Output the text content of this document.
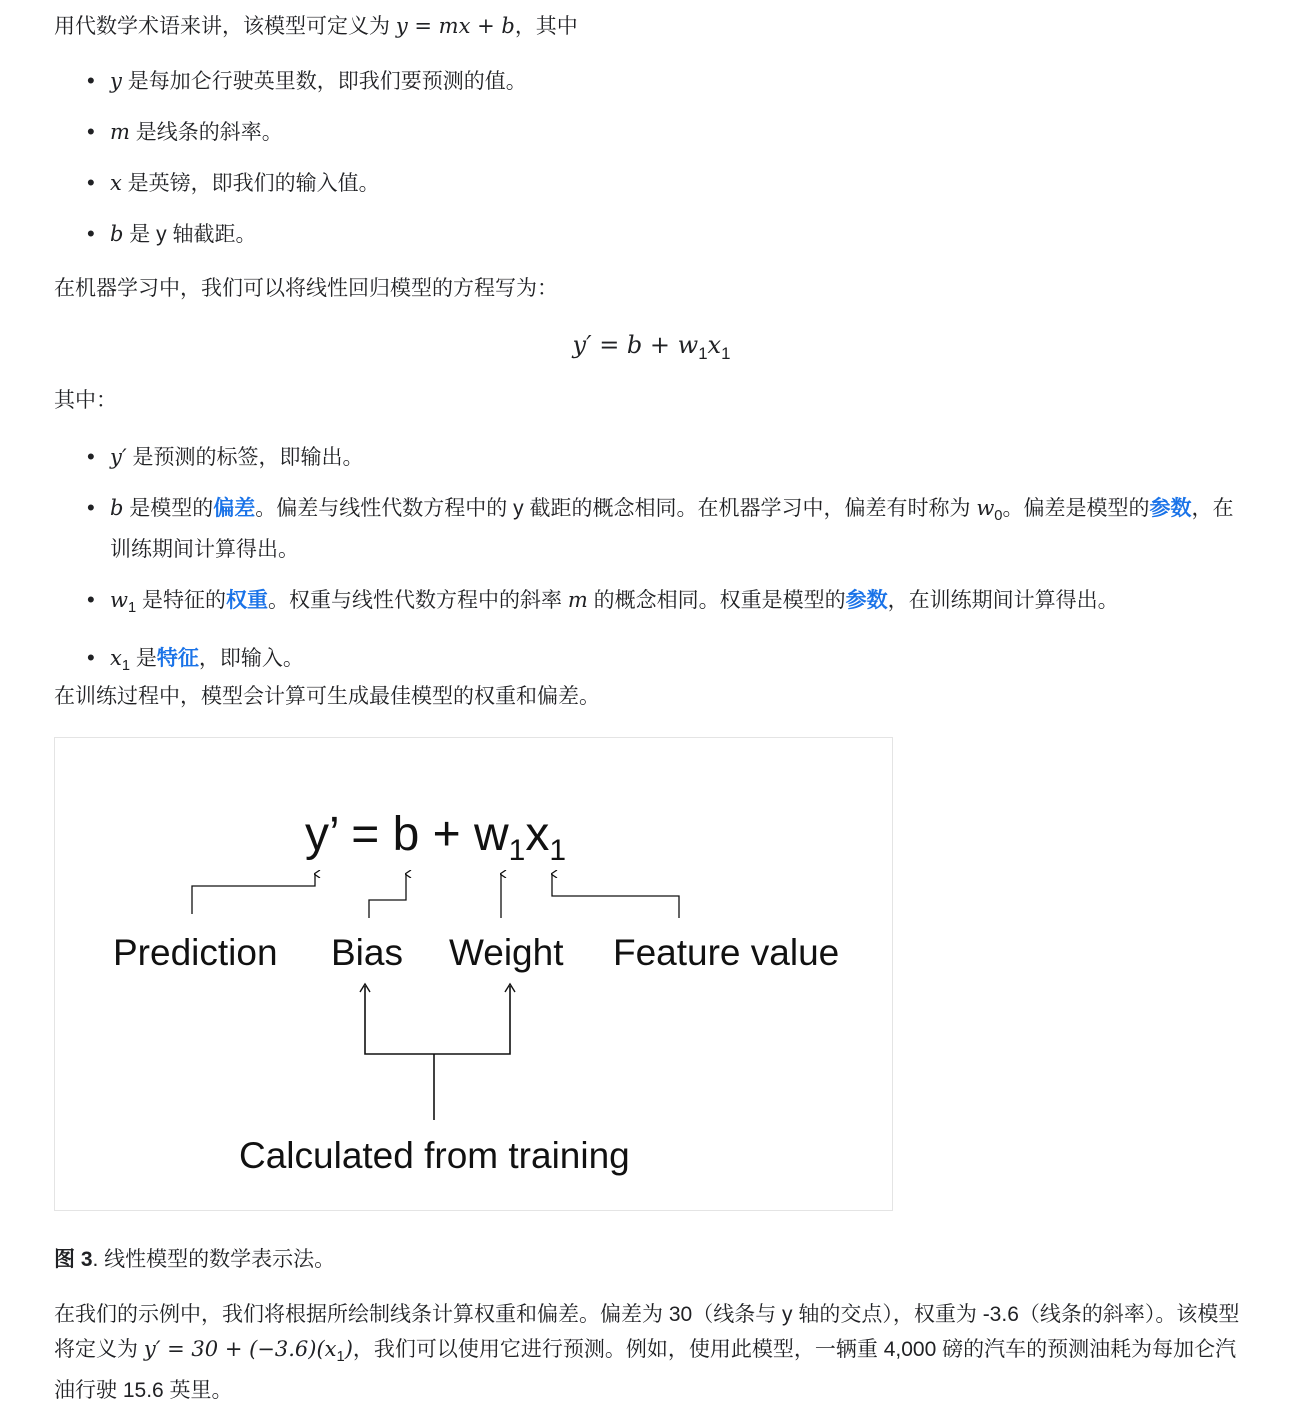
用代数学术语来讲，该模型可定义为 y = mx + b，其中

• y 是每加仑行驶英里数，即我们要预测的值。
• m 是线条的斜率。
• x 是英镑，即我们的输入值。
• b 是 y 轴截距。

在机器学习中，我们可以将线性回归模型的方程写为：

$y' = b + w_1x_1$

其中：

• y′ 是预测的标签，即输出。
• b 是模型的偏差。偏差与线性代数方程中的 y 截距的概念相同。在机器学习中，偏差有时称为 $w_0$。偏差是模型的参数，在训练期间计算得出。
• $w_1$ 是特征的权重。权重与线性代数方程中的斜率 m 的概念相同。权重是模型的参数，在训练期间计算得出。
• $x_1$ 是特征，即输入。

在训练过程中，模型会计算可生成最佳模型的权重和偏差。

图 3. 线性模型的数学表示法。

在我们的示例中，我们将根据所绘制线条计算权重和偏差。偏差为 30（线条与 y 轴的交点），权重为 -3.6（线条的斜率）。该模型将定义为 $y' = 30 + (-3.6)(x_1)$，我们可以使用它进行预测。例如，使用此模型，一辆重 4,000 磅的汽车的预测油耗为每加仑汽油行驶 15.6 英里。

y’ = $b + w_1x_1$
Prediction Bias Weight Feature value
Calculated from training
